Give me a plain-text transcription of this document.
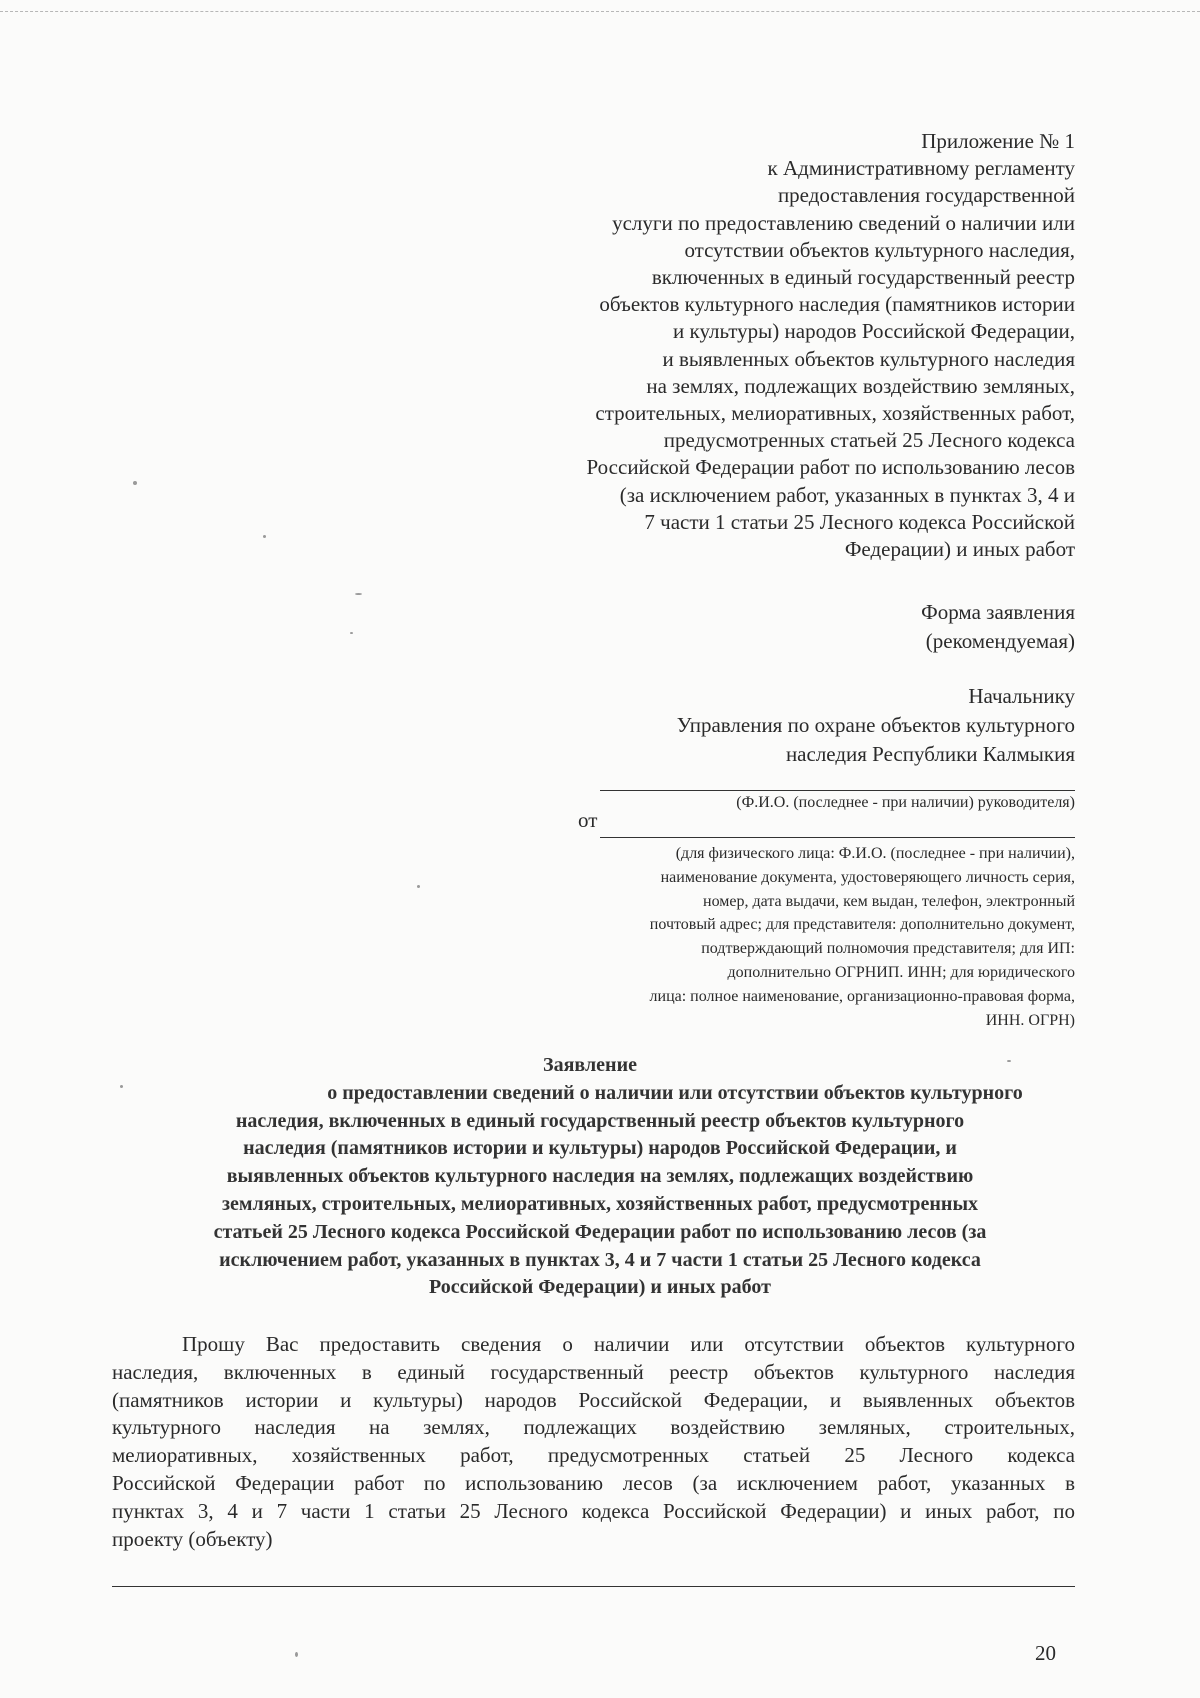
Приложение № 1
к Административному регламенту
предоставления государственной
услуги по предоставлению сведений о наличии или
отсутствии объектов культурного наследия,
включенных в единый государственный реестр
объектов культурного наследия (памятников истории
и культуры) народов Российской Федерации,
и выявленных объектов культурного наследия
на землях, подлежащих воздействию земляных,
строительных, мелиоративных, хозяйственных работ,
предусмотренных статьей 25 Лесного кодекса
Российской Федерации работ по использованию лесов
(за исключением работ, указанных в пунктах 3, 4 и
7 части 1 статьи 25 Лесного кодекса Российской
Федерации) и иных работ
Форма заявления
(рекомендуемая)
Начальнику
Управления по охране объектов культурного
наследия Республики Калмыкия
(Ф.И.О. (последнее - при наличии) руководителя)
от
(для физического лица: Ф.И.О. (последнее - при наличии),
наименование документа, удостоверяющего личность серия,
номер, дата выдачи, кем выдан, телефон, электронный
почтовый адрес; для представителя: дополнительно документ,
подтверждающий полномочия представителя; для ИП:
дополнительно ОГРНИП. ИНН; для юридического
лица: полное наименование, организационно-правовая форма,
ИНН. ОГРН)
Заявление
о предоставлении сведений о наличии или отсутствии объектов культурного
наследия, включенных в единый государственный реестр объектов культурного
наследия (памятников истории и культуры) народов Российской Федерации, и
выявленных объектов культурного наследия на землях, подлежащих воздействию
земляных, строительных, мелиоративных, хозяйственных работ, предусмотренных
статьей 25 Лесного кодекса Российской Федерации работ по использованию лесов (за
исключением работ, указанных в пунктах 3, 4 и 7 части 1 статьи 25 Лесного кодекса
Российской Федерации) и иных работ
Прошу Вас предоставить сведения о наличии или отсутствии объектов культурного
наследия, включенных в единый государственный реестр объектов культурного наследия
(памятников истории и культуры) народов Российской Федерации, и выявленных объектов
культурного наследия на землях, подлежащих воздействию земляных, строительных,
мелиоративных, хозяйственных работ, предусмотренных статьей 25 Лесного кодекса
Российской Федерации работ по использованию лесов (за исключением работ, указанных в
пунктах 3, 4 и 7 части 1 статьи 25 Лесного кодекса Российской Федерации) и иных работ, по
проекту (объекту)
20
